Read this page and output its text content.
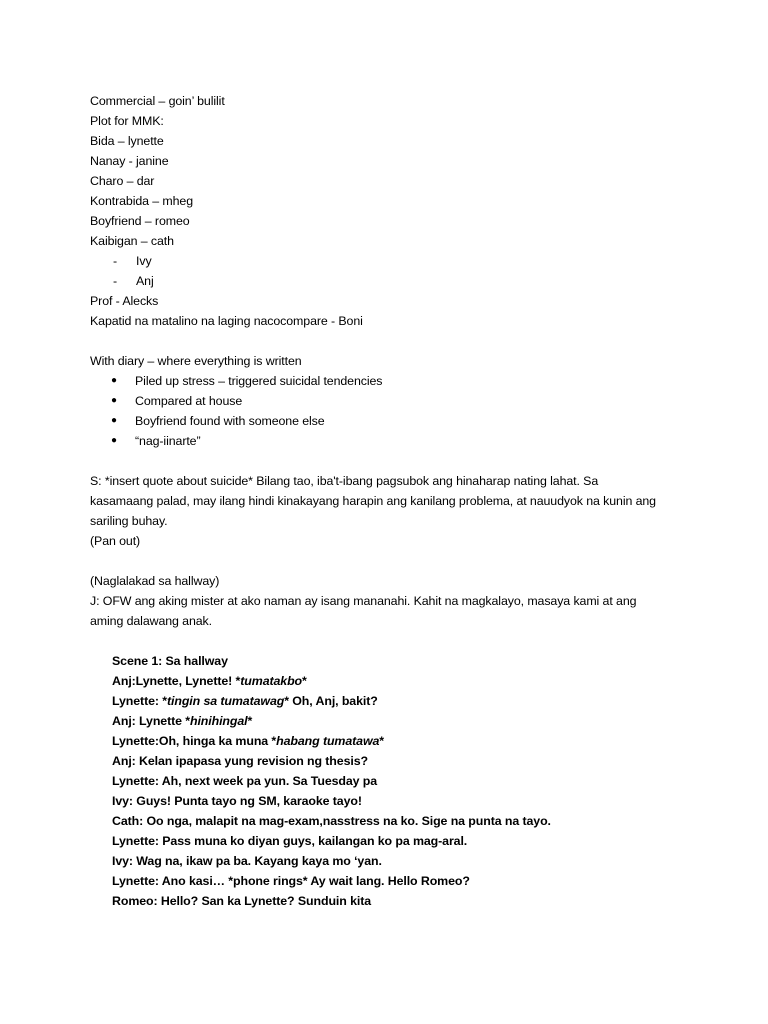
Commercial – goin’ bulilit
Plot for MMK:
Bida – lynette
Nanay - janine
Charo – dar
Kontrabida – mheg
Boyfriend – romeo
Kaibigan – cath
-	Ivy
-	Anj
Prof - Alecks
Kapatid na matalino na laging nacocompare - Boni
With diary – where everything is written
●	Piled up stress – triggered suicidal tendencies
●	Compared at house
●	Boyfriend found with someone else
●	“nag-iinarte”
S: *insert quote about suicide* Bilang tao, iba't-ibang pagsubok ang hinaharap nating lahat. Sa
kasamaang palad, may ilang hindi kinakayang harapin ang kanilang problema, at nauudyok na kunin ang
sariling buhay.
(Pan out)
(Naglalakad sa hallway)
J: OFW ang aking mister at ako naman ay isang mananahi. Kahit na magkalayo, masaya kami at ang
aming dalawang anak.
Scene 1: Sa hallway
Anj:Lynette, Lynette! *tumatakbo*
Lynette: *tingin sa tumatawag* Oh, Anj, bakit?
Anj: Lynette *hinihingal*
Lynette:Oh, hinga ka muna *habang tumatawa*
Anj: Kelan ipapasa yung revision ng thesis?
Lynette: Ah, next week pa yun. Sa Tuesday pa
Ivy: Guys! Punta tayo ng SM, karaoke tayo!
Cath: Oo nga, malapit na mag-exam,nasstress na ko. Sige na punta na tayo.
Lynette: Pass muna ko diyan guys, kailangan ko pa mag-aral.
Ivy: Wag na, ikaw pa ba. Kayang kaya mo ‘yan.
Lynette: Ano kasi… *phone rings* Ay wait lang. Hello Romeo?
Romeo: Hello? San ka Lynette? Sunduin kita
